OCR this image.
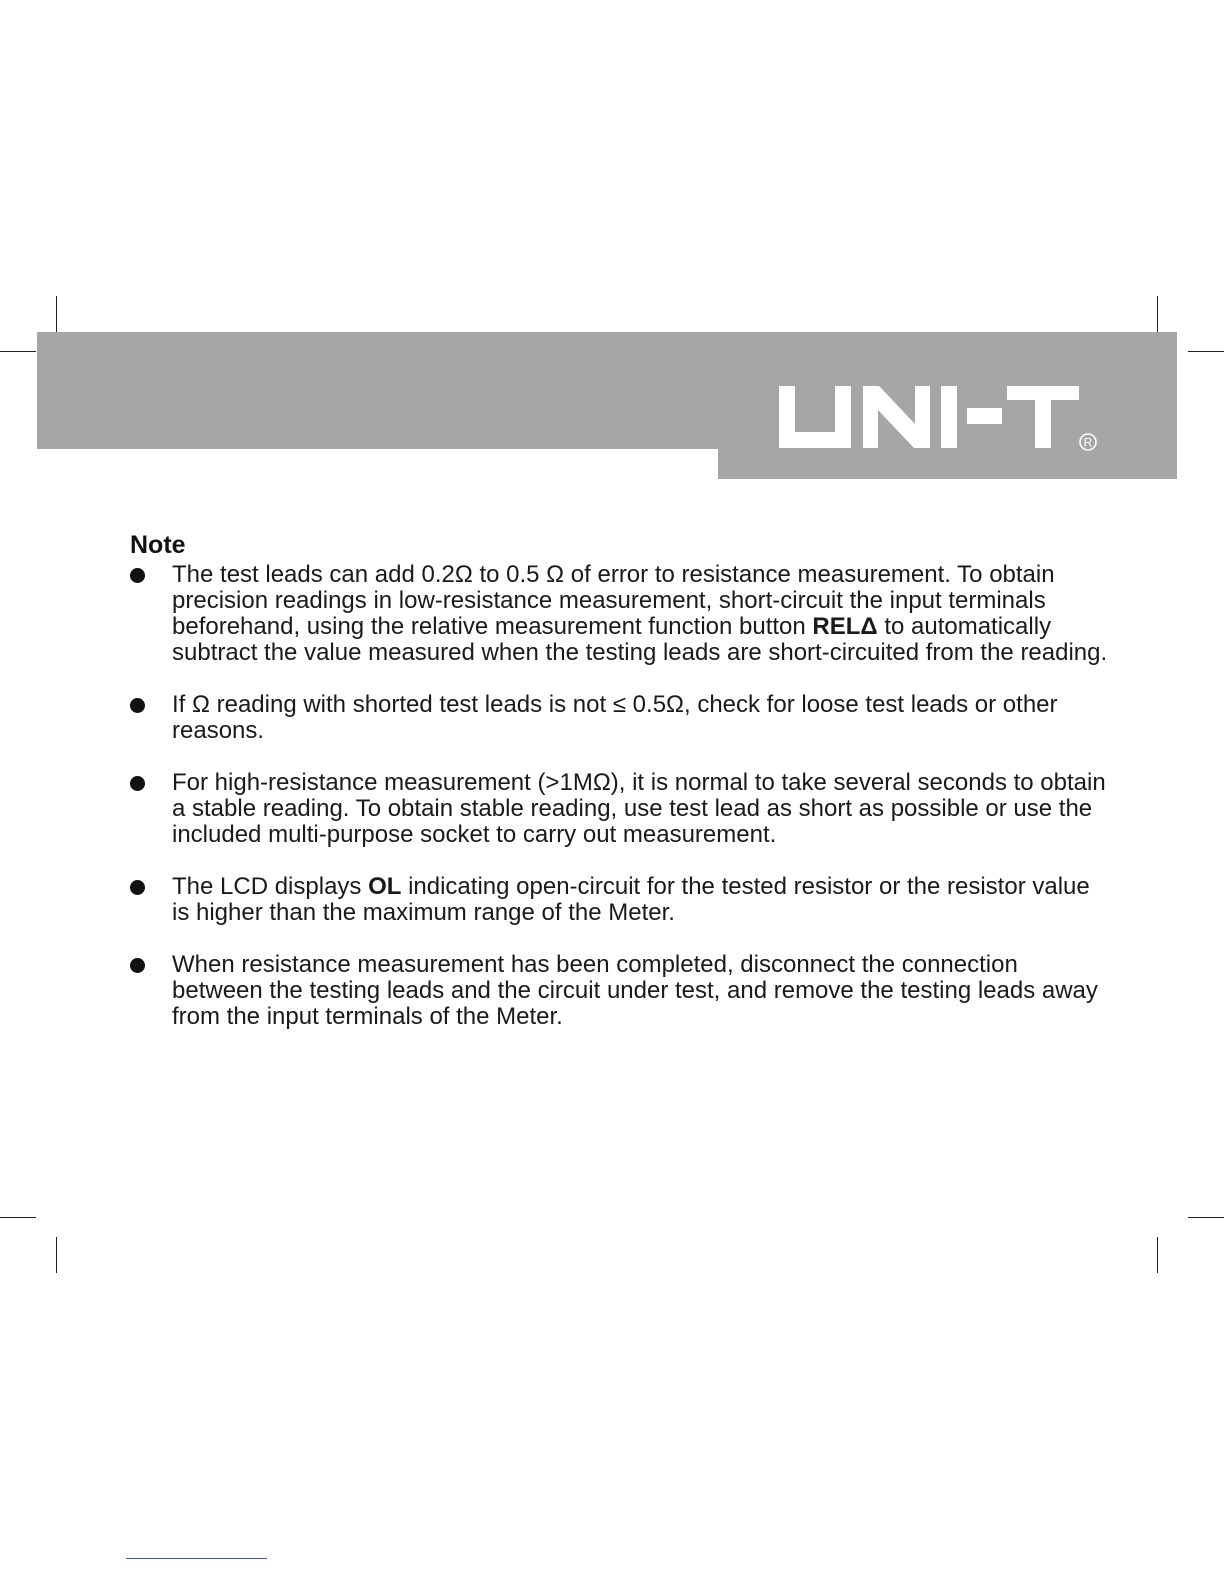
R
Note
The test leads can add 0.2Ω to 0.5 Ω of error to resistance measurement. To obtain precision readings in low-resistance measurement, short-circuit the input terminals beforehand, using the relative measurement function button RELΔ to automatically subtract the value measured when the testing leads are short-circuited from the reading.
If Ω reading with shorted test leads is not ≤ 0.5Ω, check for loose test leads or other reasons.
For high-resistance measurement (>1MΩ), it is normal to take several seconds to obtain a stable reading. To obtain stable reading, use test lead as short as possible or use the included multi-purpose socket to carry out measurement.
The LCD displays OL indicating open-circuit for the tested resistor or the resistor value is higher than the maximum range of the Meter.
When resistance measurement has been completed, disconnect the connection between the testing leads and the circuit under test, and remove the testing leads away from the input terminals of the Meter.
